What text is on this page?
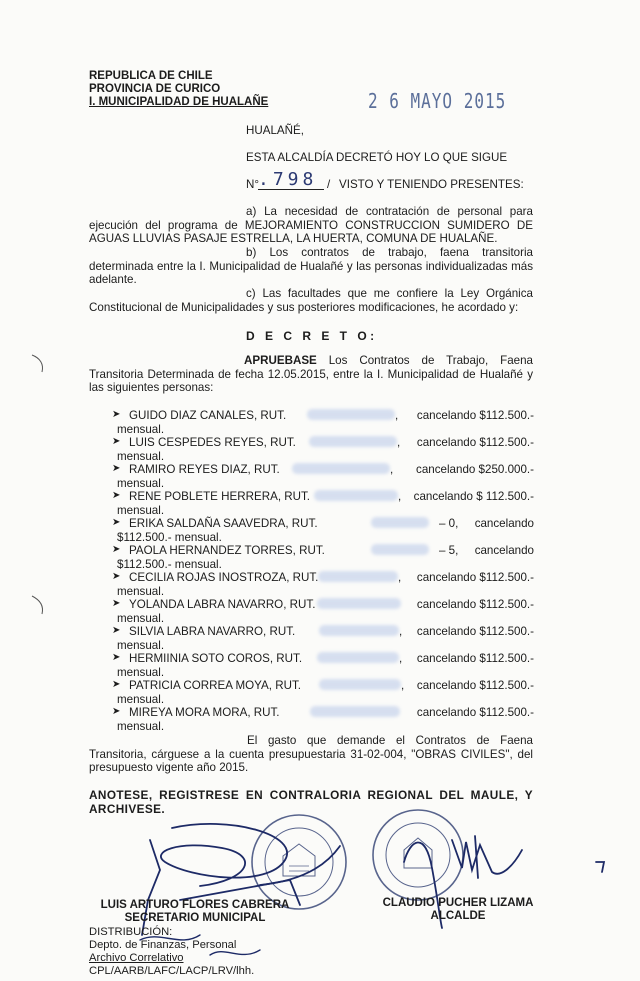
REPUBLICA DE CHILE
PROVINCIA DE CURICO
I. MUNICIPALIDAD DE HUALAÑE	2 6 MAYO 2015
HUALAÑÉ,
ESTA ALCALDÍA DECRETÓ HOY LO QUE SIGUE
N°
.798 / VISTO Y TENIENDO PRESENTES:
a) La necesidad de contratación de personal para ejecución del programa de MEJORAMIENTO CONSTRUCCION SUMIDERO DE AGUAS LLUVIAS PASAJE ESTRELLA, LA HUERTA, COMUNA DE HUALAÑE.
b) Los contratos de trabajo, faena transitoria determinada entre la I. Municipalidad de Hualañé y las personas individualizadas más adelante.
c) Las facultades que me confiere la Ley Orgánica Constitucional de Municipalidades y sus posteriores modificaciones, he acordado y:
D E C R E T O:
APRUEBASE Los Contratos de Trabajo, Faena Transitoria Determinada de fecha 12.05.2015, entre la I. Municipalidad de Hualañé y las siguientes personas:
➤ GUIDO DIAZ CANALES, RUT.	, cancelando $112.500.-
mensual.
➤ LUIS CESPEDES REYES, RUT.	, cancelando $112.500.-
mensual.
➤ RAMIRO REYES DIAZ, RUT.	, cancelando $250.000.-
mensual.
➤ RENE POBLETE HERRERA, RUT.	, cancelando $ 112.500.-
mensual.
➤ ERIKA SALDAÑA SAAVEDRA, RUT.	– 0, cancelando
$112.500.- mensual.
➤ PAOLA HERNANDEZ TORRES, RUT.	– 5, cancelando
$112.500.- mensual.
➤ CECILIA ROJAS INOSTROZA, RUT.	, cancelando $112.500.-
mensual.
➤ YOLANDA LABRA NAVARRO, RUT.	cancelando $112.500.-
mensual.
➤ SILVIA LABRA NAVARRO, RUT.	, cancelando $112.500.-
mensual.
➤ HERMIINIA SOTO COROS, RUT.	, cancelando $112.500.-
mensual.
➤ PATRICIA CORREA MOYA, RUT.	, cancelando $112.500.-
mensual.
➤ MIREYA MORA MORA, RUT.	cancelando $112.500.-
mensual.
El gasto que demande el Contratos de Faena Transitoria, cárguese a la cuenta presupuestaria 31-02-004, "OBRAS CIVILES", del presupuesto vigente año 2015.
ANOTESE, REGISTRESE EN CONTRALORIA REGIONAL DEL MAULE, Y ARCHIVESE.
LUIS ARTURO FLORES CABRERA
SECRETARIO MUNICIPAL
CLAUDIO PUCHER LIZAMA
ALCALDE
DISTRIBUCIÓN:
Depto. de Finanzas, Personal
Archivo Correlativo
CPL/AARB/LAFC/LACP/LRV/lhh.
